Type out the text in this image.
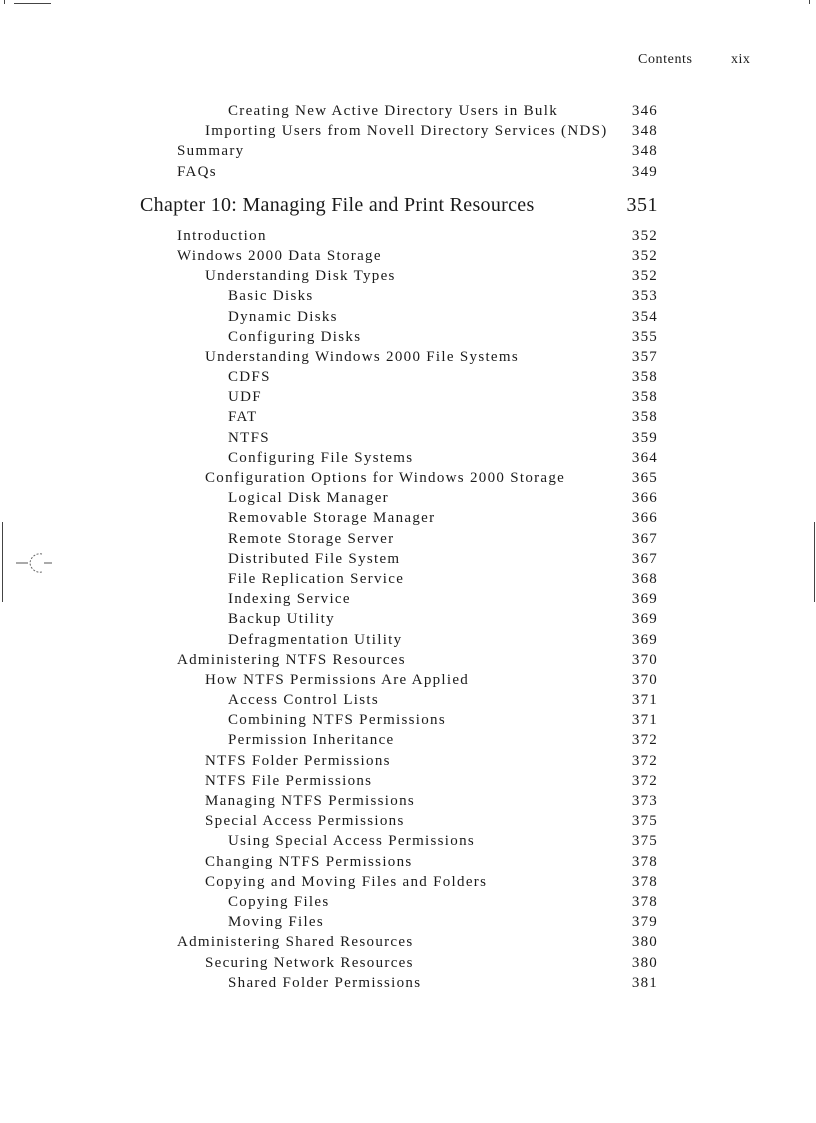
Contents	xix
Creating New Active Directory Users in Bulk	346
Importing Users from Novell Directory Services (NDS) 348
Summary	348
FAQs	349
Chapter 10: Managing File and Print Resources	351
Introduction	352
Windows 2000 Data Storage	352
Understanding Disk Types	352
Basic Disks	353
Dynamic Disks	354
Configuring Disks	355
Understanding Windows 2000 File Systems	357
CDFS	358
UDF	358
FAT	358
NTFS	359
Configuring File Systems	364
Configuration Options for Windows 2000 Storage	365
Logical Disk Manager	366
Removable Storage Manager	366
Remote Storage Server	367
Distributed File System	367
File Replication Service	368
Indexing Service	369
Backup Utility	369
Defragmentation Utility	369
Administering NTFS Resources	370
How NTFS Permissions Are Applied	370
Access Control Lists	371
Combining NTFS Permissions	371
Permission Inheritance	372
NTFS Folder Permissions	372
NTFS File Permissions	372
Managing NTFS Permissions	373
Special Access Permissions	375
Using Special Access Permissions	375
Changing NTFS Permissions	378
Copying and Moving Files and Folders	378
Copying Files	378
Moving Files	379
Administering Shared Resources	380
Securing Network Resources	380
Shared Folder Permissions	381
